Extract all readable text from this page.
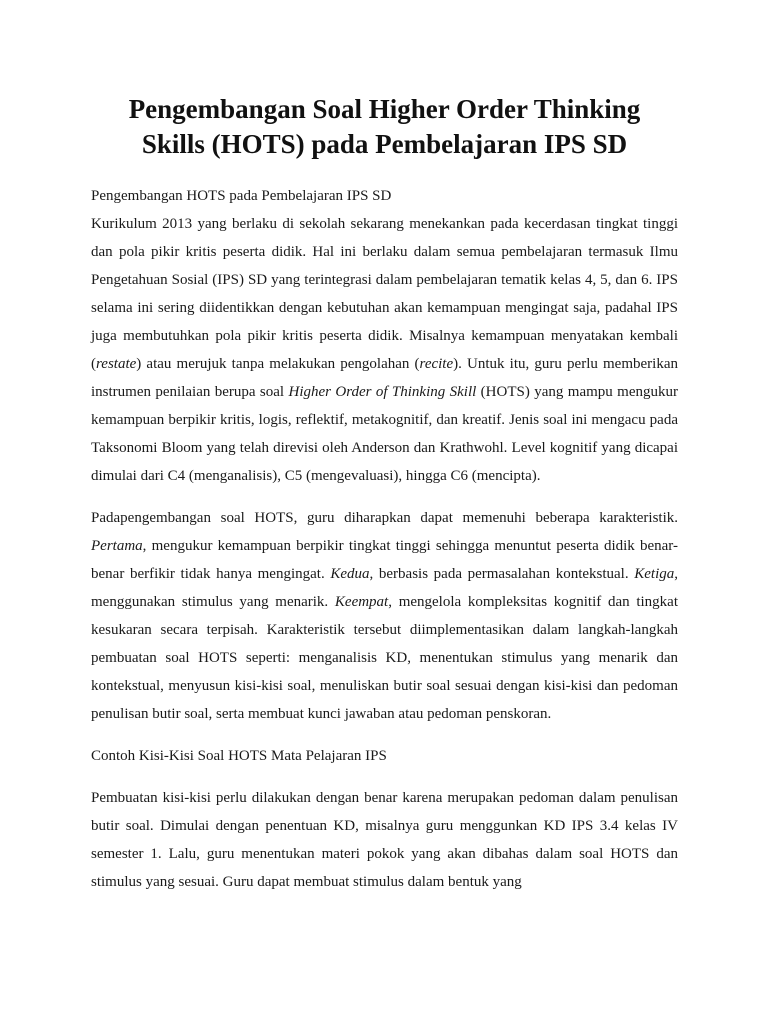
Pengembangan Soal Higher Order Thinking
Skills (HOTS) pada Pembelajaran IPS SD

Pengembangan HOTS pada Pembelajaran IPS SD

Kurikulum 2013 yang berlaku di sekolah sekarang menekankan pada kecerdasan tingkat tinggi dan pola pikir kritis peserta didik. Hal ini berlaku dalam semua pembelajaran termasuk Ilmu Pengetahuan Sosial (IPS) SD yang terintegrasi dalam pembelajaran tematik kelas 4, 5, dan 6. IPS selama ini sering diidentikkan dengan kebutuhan akan kemampuan mengingat saja, padahal IPS juga membutuhkan pola pikir kritis peserta didik. Misalnya kemampuan menyatakan kembali (restate) atau merujuk tanpa melakukan pengolahan (recite). Untuk itu, guru perlu memberikan instrumen penilaian berupa soal Higher Order of Thinking Skill (HOTS) yang mampu mengukur kemampuan berpikir kritis, logis, reflektif, metakognitif, dan kreatif. Jenis soal ini mengacu pada Taksonomi Bloom yang telah direvisi oleh Anderson dan Krathwohl. Level kognitif yang dicapai dimulai dari C4 (menganalisis), C5 (mengevaluasi), hingga C6 (mencipta).

Padapengembangan soal HOTS, guru diharapkan dapat memenuhi beberapa karakteristik. Pertama, mengukur kemampuan berpikir tingkat tinggi sehingga menuntut peserta didik benar-benar berfikir tidak hanya mengingat. Kedua, berbasis pada permasalahan kontekstual. Ketiga, menggunakan stimulus yang menarik. Keempat, mengelola kompleksitas kognitif dan tingkat kesukaran secara terpisah. Karakteristik tersebut diimplementasikan dalam langkah-langkah pembuatan soal HOTS seperti: menganalisis KD, menentukan stimulus yang menarik dan kontekstual, menyusun kisi-kisi soal, menuliskan butir soal sesuai dengan kisi-kisi dan pedoman penulisan butir soal, serta membuat kunci jawaban atau pedoman penskoran.

Contoh Kisi-Kisi Soal HOTS Mata Pelajaran IPS

Pembuatan kisi-kisi perlu dilakukan dengan benar karena merupakan pedoman dalam penulisan butir soal. Dimulai dengan penentuan KD, misalnya guru menggunkan KD IPS 3.4 kelas IV semester 1. Lalu, guru menentukan materi pokok yang akan dibahas dalam soal HOTS dan stimulus yang sesuai. Guru dapat membuat stimulus dalam bentuk yang
